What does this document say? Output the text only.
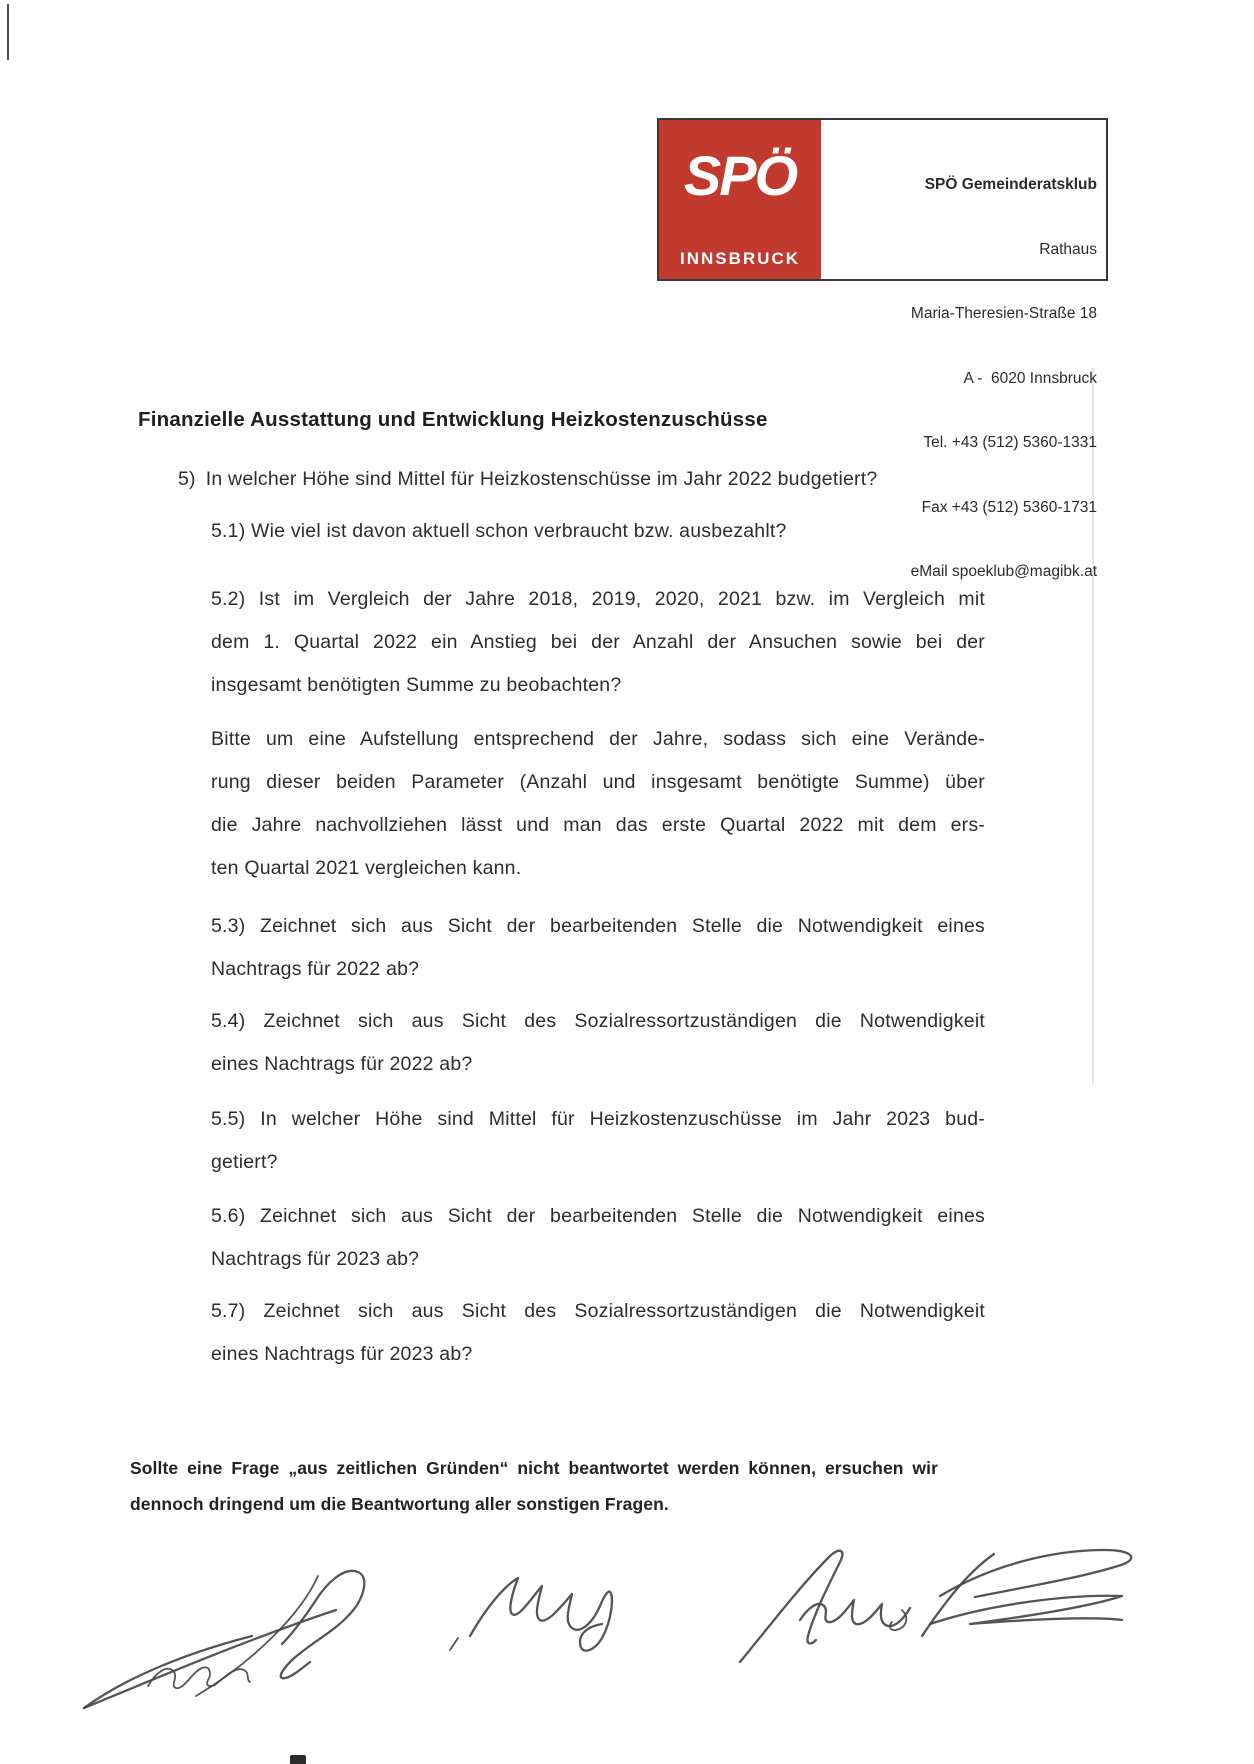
SPÖ
INNSBRUCK

SPÖ Gemeinderatsklub

Rathaus

Maria-Theresien-Straße 18

A -  6020 Innsbruck

Tel. +43 (512) 5360-1331

Fax +43 (512) 5360-1731

eMail spoeklub@magibk.at

Finanzielle Ausstattung und Entwicklung Heizkostenzuschüsse
5) In welcher Höhe sind Mittel für Heizkostenschüsse im Jahr 2022 budgetiert?
5.1) Wie viel ist davon aktuell schon verbraucht bzw. ausbezahlt?
5.2) Ist im Vergleich der Jahre 2018, 2019, 2020, 2021 bzw. im Vergleich mit
dem 1. Quartal 2022 ein Anstieg bei der Anzahl der Ansuchen sowie bei der
insgesamt benötigten Summe zu beobachten?
Bitte um eine Aufstellung entsprechend der Jahre, sodass sich eine Verände-
rung dieser beiden Parameter (Anzahl und insgesamt benötigte Summe) über
die Jahre nachvollziehen lässt und man das erste Quartal 2022 mit dem ers-
ten Quartal 2021 vergleichen kann.
5.3) Zeichnet sich aus Sicht der bearbeitenden Stelle die Notwendigkeit eines
Nachtrags für 2022 ab?
5.4) Zeichnet sich aus Sicht des Sozialressortzuständigen die Notwendigkeit
eines Nachtrags für 2022 ab?
5.5) In welcher Höhe sind Mittel für Heizkostenzuschüsse im Jahr 2023 bud-
getiert?
5.6) Zeichnet sich aus Sicht der bearbeitenden Stelle die Notwendigkeit eines
Nachtrags für 2023 ab?
5.7) Zeichnet sich aus Sicht des Sozialressortzuständigen die Notwendigkeit
eines Nachtrags für 2023 ab?
Sollte eine Frage „aus zeitlichen Gründen“ nicht beantwortet werden können, ersuchen wir
dennoch dringend um die Beantwortung aller sonstigen Fragen.
